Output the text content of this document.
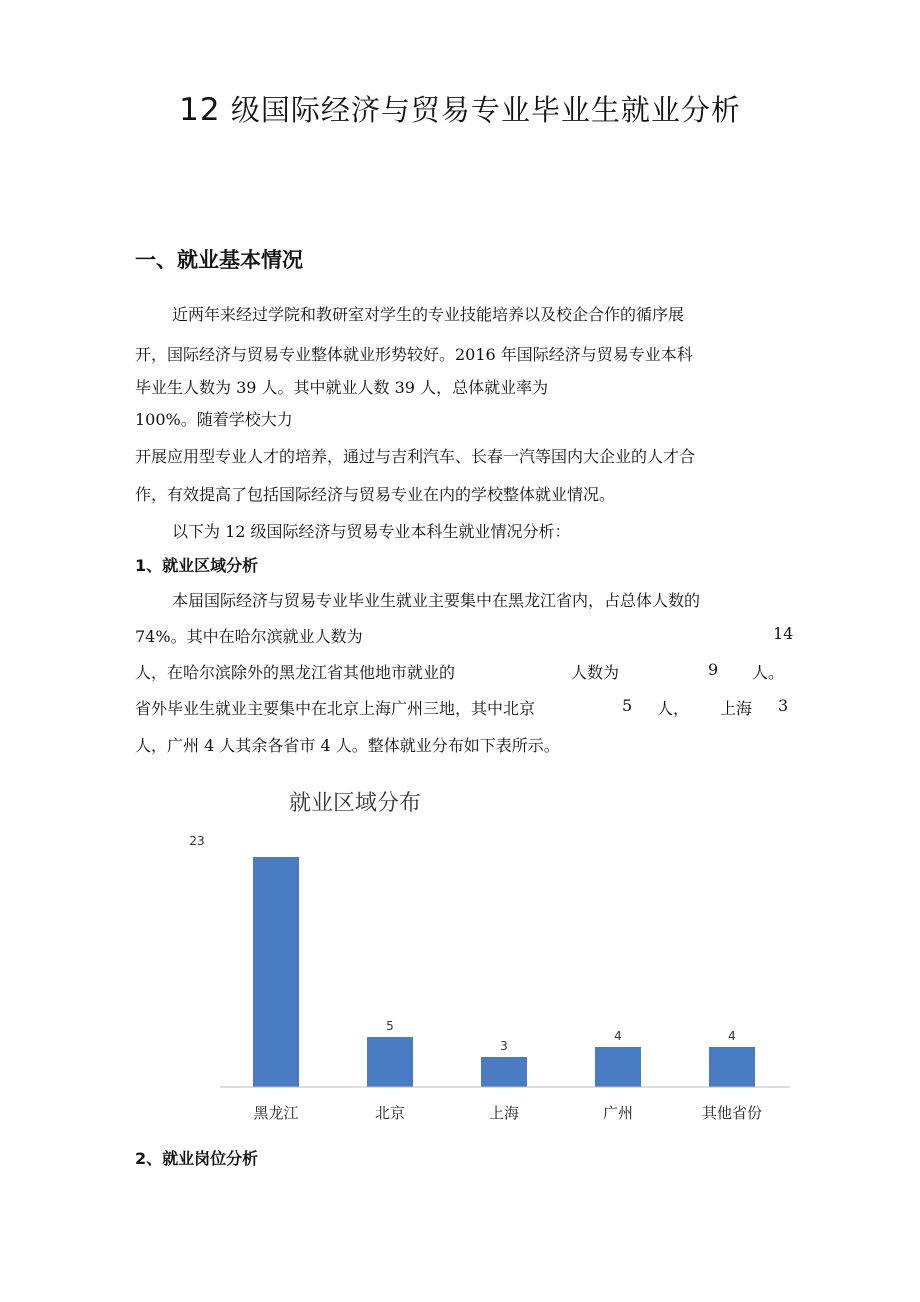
12 级国际经济与贸易专业毕业生就业分析
一、就业基本情况
近两年来经过学院和教研室对学生的专业技能培养以及校企合作的循序展
开，国际经济与贸易专业整体就业形势较好。2016 年国际经济与贸易专业本科
毕业生人数为 39 人。其中就业人数 39 人，总体就业率为
100%。随着学校大力
开展应用型专业人才的培养，通过与吉利汽车、长春一汽等国内大企业的人才合
作，有效提高了包括国际经济与贸易专业在内的学校整体就业情况。
以下为 12 级国际经济与贸易专业本科生就业情况分析：
1、就业区域分析
本届国际经济与贸易专业毕业生就业主要集中在黑龙江省内，占总体人数的
74%。其中在哈尔滨就业人数为	14
人，在哈尔滨除外的黑龙江省其他地市就业的	人数为	9 人。
省外毕业生就业主要集中在北京上海广州三地，其中北京	5 人， 上海 3
人，广州 4 人其余各省市 4 人。整体就业分布如下表所示。
就业区域分布
23
黑龙江
5
北京
3
上海
4
广州
4
其他省份
2、就业岗位分析
